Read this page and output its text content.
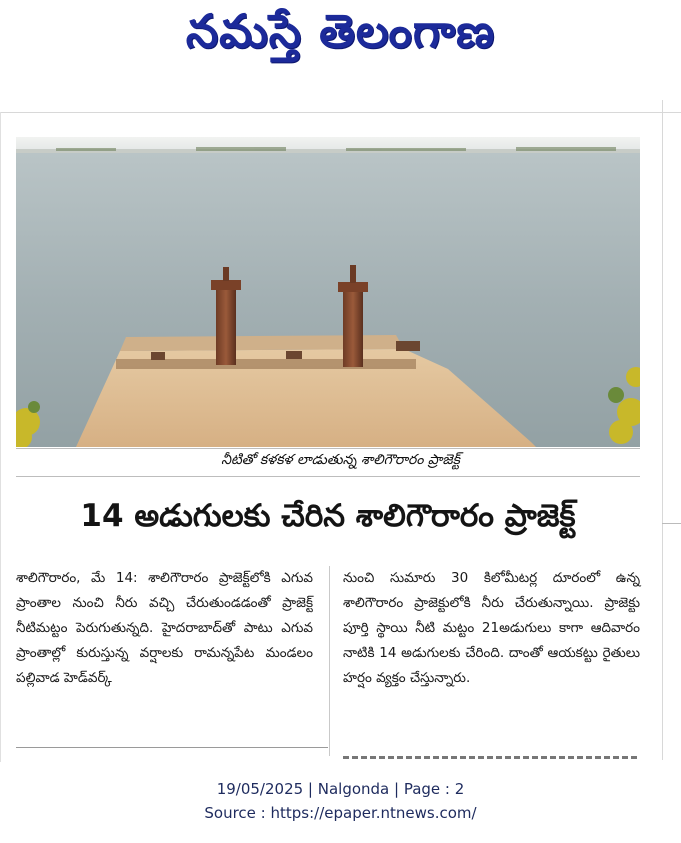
నమస్తే తెలంగాణ
నీటితో కళకళ లాడుతున్న శాలిగౌరారం ప్రాజెక్ట్
14 అడుగులకు చేరిన శాలిగౌరారం ప్రాజెక్ట్
శాలిగౌరారం, మే 14: శాలిగౌరారం ప్రాజెక్ట్‌లోకి ఎగువ ప్రాంతాల నుంచి నీరు వచ్చి చేరుతుండడంతో ప్రాజెక్ట్ నీటిమట్టం పెరుగుతున్నది. హైదరాబాద్‌తో పాటు ఎగువ ప్రాంతాల్లో కురుస్తున్న వర్షాలకు రామన్నపేట మండలం పల్లివాడ హెడ్‌వర్క్
నుంచి సుమారు 30 కిలోమీటర్ల దూరంలో ఉన్న శాలిగౌరారం ప్రాజెక్టులోకి నీరు చేరుతున్నాయి. ప్రాజెక్టు పూర్తి స్థాయి నీటి మట్టం 21అడుగులు కాగా ఆదివారం నాటికి 14 అడుగులకు చేరింది. దాంతో ఆయకట్టు రైతులు హర్షం వ్యక్తం చేస్తున్నారు.
19/05/2025 | Nalgonda | Page : 2
Source : https://epaper.ntnews.com/
